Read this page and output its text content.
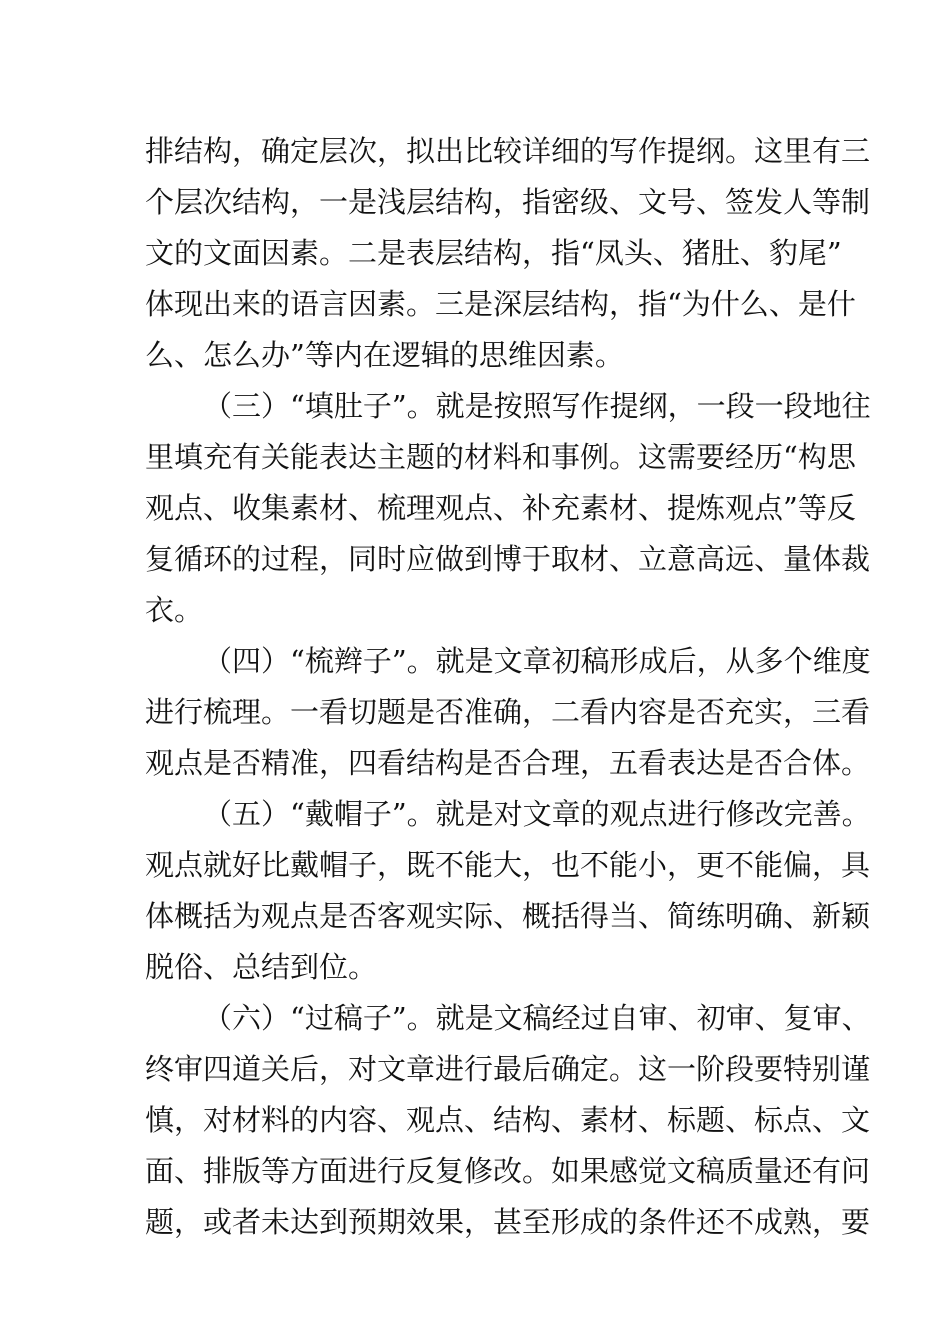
排结构，确定层次，拟出比较详细的写作提纲。这里有三
个层次结构，一是浅层结构，指密级、文号、签发人等制
文的文面因素。二是表层结构，指“凤头、猪肚、豹尾”
体现出来的语言因素。三是深层结构，指“为什么、是什
么、怎么办”等内在逻辑的思维因素。
（三）“填肚子”。就是按照写作提纲，一段一段地往
里填充有关能表达主题的材料和事例。这需要经历“构思
观点、收集素材、梳理观点、补充素材、提炼观点”等反
复循环的过程，同时应做到博于取材、立意高远、量体裁
衣。
（四）“梳辫子”。就是文章初稿形成后，从多个维度
进行梳理。一看切题是否准确，二看内容是否充实，三看
观点是否精准，四看结构是否合理，五看表达是否合体。
（五）“戴帽子”。就是对文章的观点进行修改完善。
观点就好比戴帽子，既不能大，也不能小，更不能偏，具
体概括为观点是否客观实际、概括得当、简练明确、新颖
脱俗、总结到位。
（六）“过稿子”。就是文稿经过自审、初审、复审、
终审四道关后，对文章进行最后确定。这一阶段要特别谨
慎，对材料的内容、观点、结构、素材、标题、标点、文
面、排版等方面进行反复修改。如果感觉文稿质量还有问
题，或者未达到预期效果，甚至形成的条件还不成熟，要
